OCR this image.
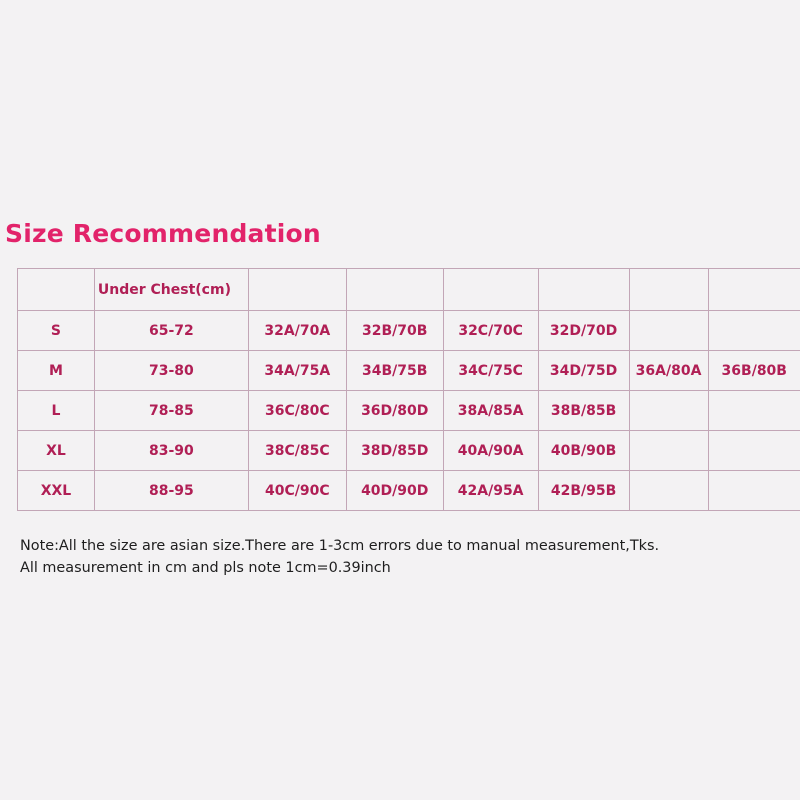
Size Recommendation
	Under Chest(cm)						
S	65-72	32A/70A	32B/70B	32C/70C	32D/70D		
M	73-80	34A/75A	34B/75B	34C/75C	34D/75D	36A/80A	36B/80B
L	78-85	36C/80C	36D/80D	38A/85A	38B/85B		
XL	83-90	38C/85C	38D/85D	40A/90A	40B/90B		
XXL	88-95	40C/90C	40D/90D	42A/95A	42B/95B		
Note:All the size are asian size.There are 1-3cm errors due to manual measurement,Tks.
All measurement in cm and pls note 1cm=0.39inch
